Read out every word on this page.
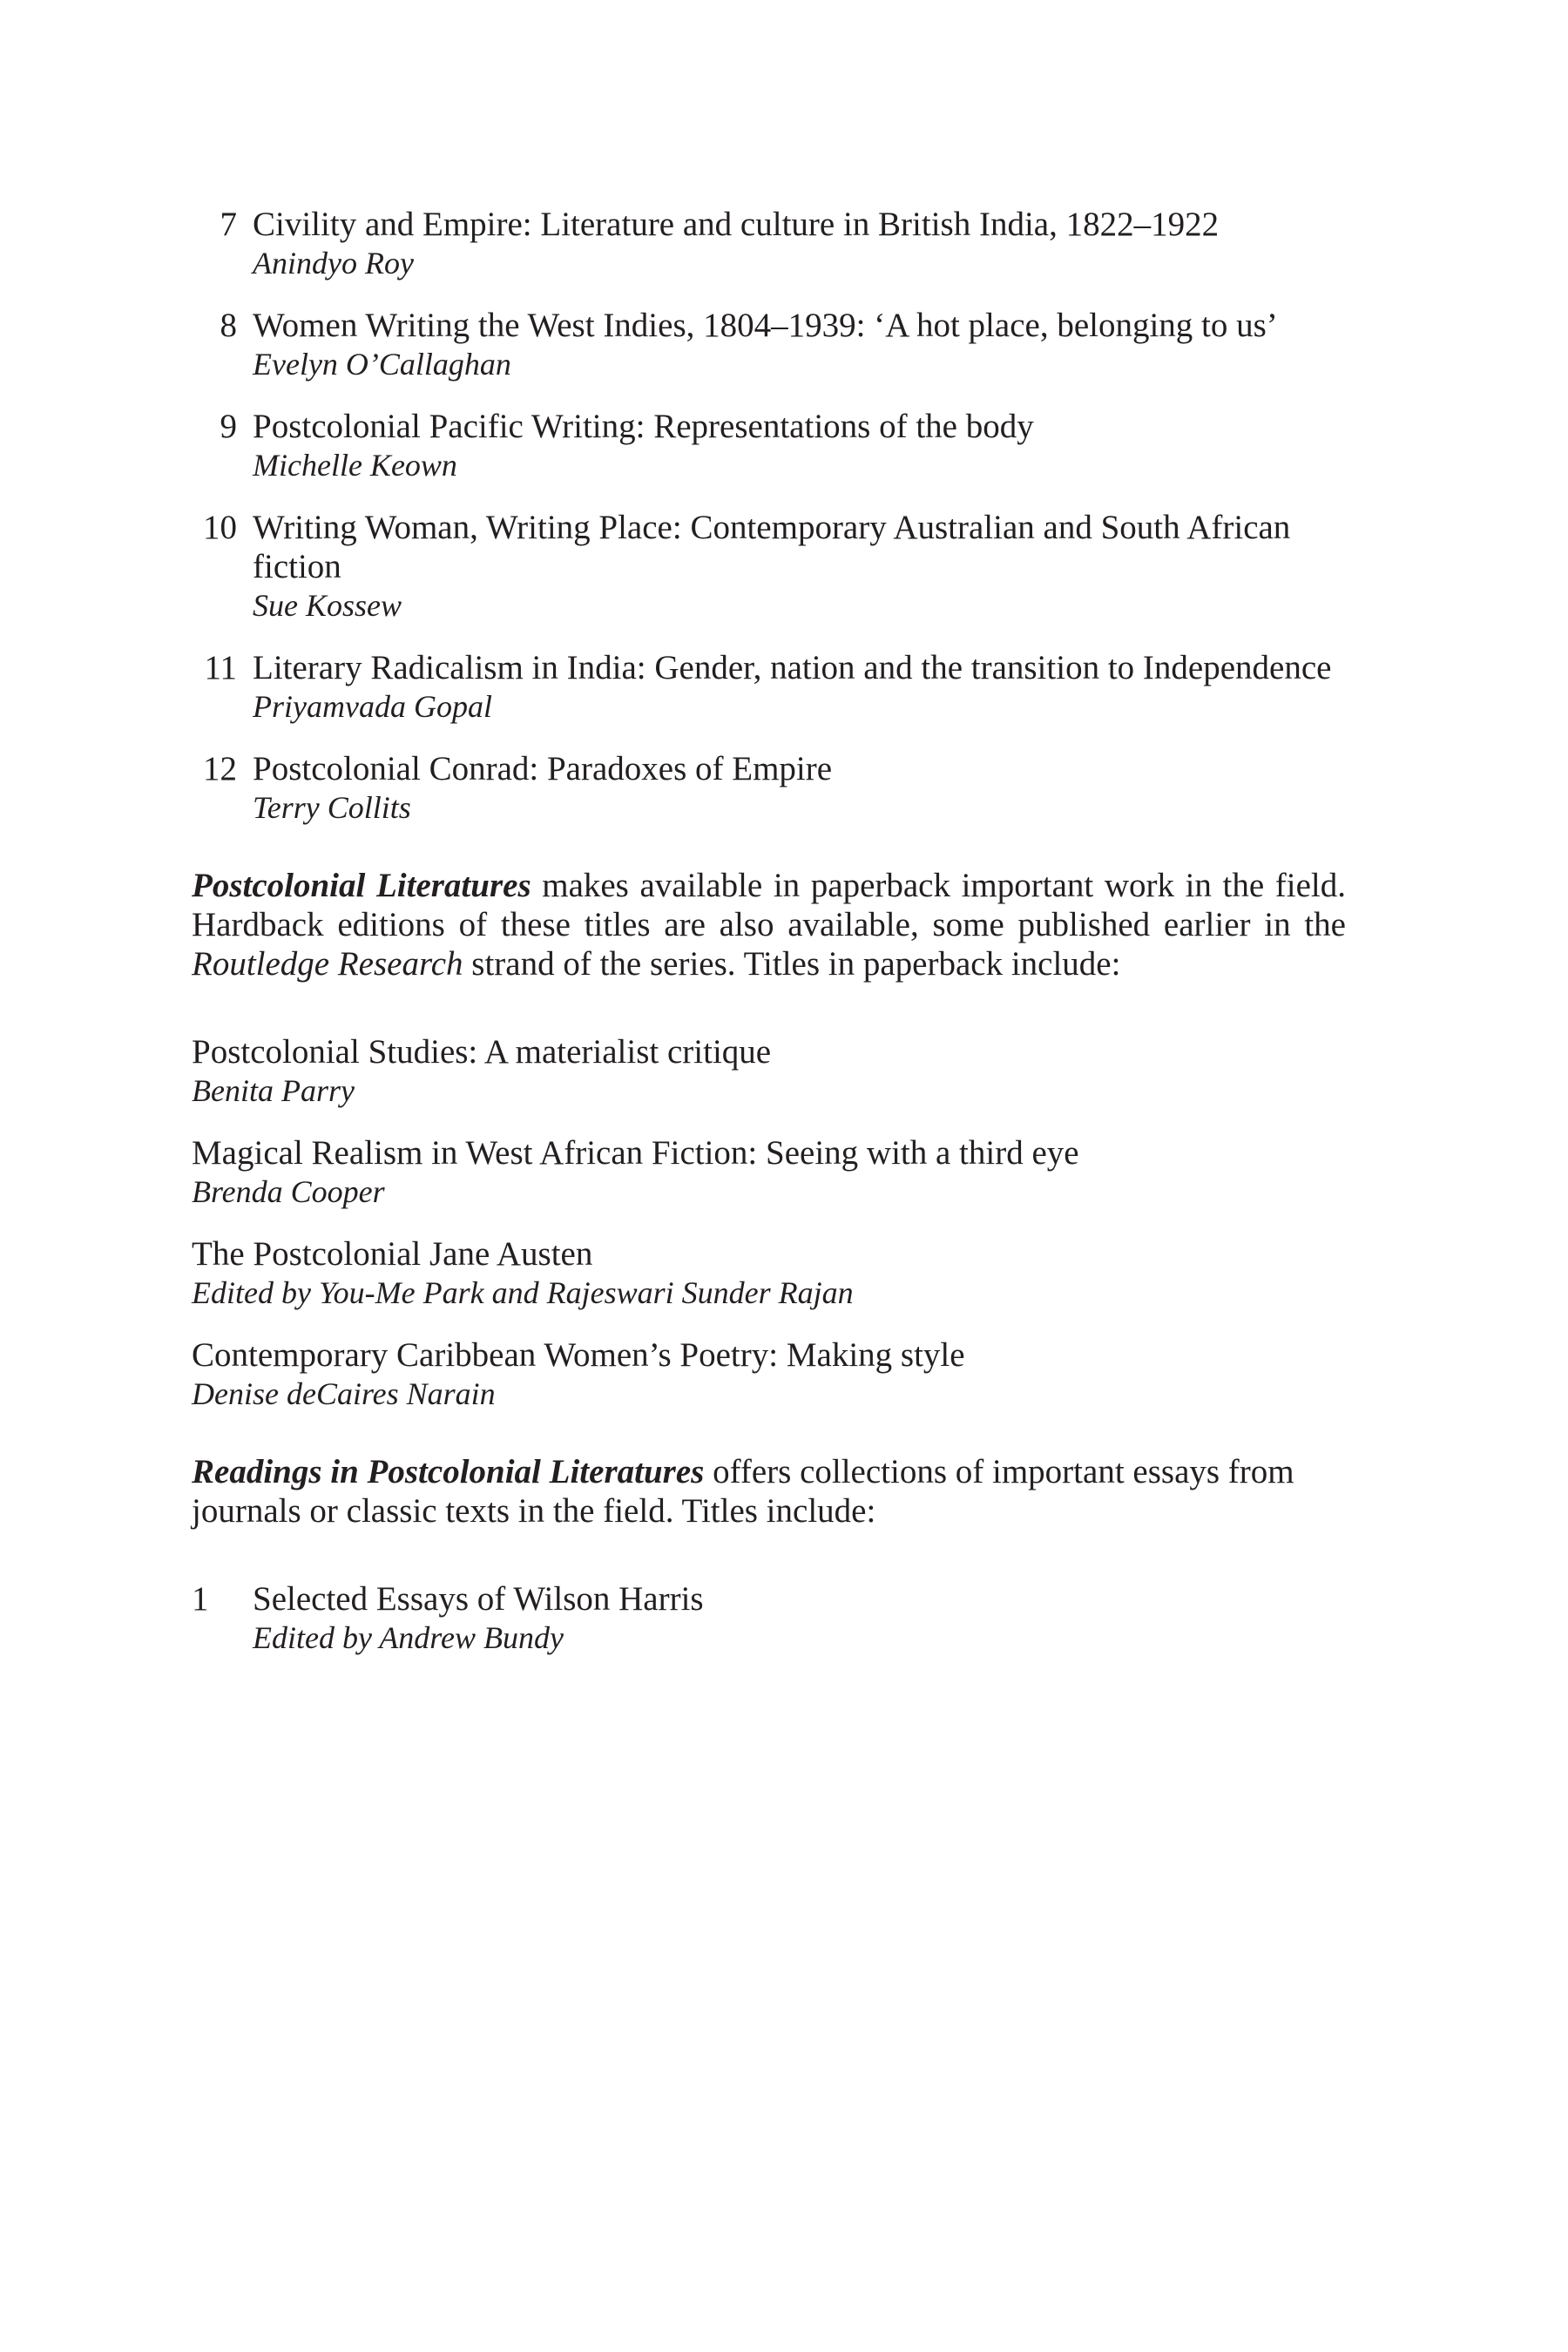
7 Civility and Empire: Literature and culture in British India, 1822–1922
Anindyo Roy
8 Women Writing the West Indies, 1804–1939: ‘A hot place, belonging to us’
Evelyn O’Callaghan
9 Postcolonial Pacific Writing: Representations of the body
Michelle Keown
10 Writing Woman, Writing Place: Contemporary Australian and South African fiction
Sue Kossew
11 Literary Radicalism in India: Gender, nation and the transition to Independence
Priyamvada Gopal
12 Postcolonial Conrad: Paradoxes of Empire
Terry Collits

Postcolonial Literatures makes available in paperback important work in the field. Hardback editions of these titles are also available, some published earlier in the Routledge Research strand of the series. Titles in paperback include:

Postcolonial Studies: A materialist critique
Benita Parry
Magical Realism in West African Fiction: Seeing with a third eye
Brenda Cooper
The Postcolonial Jane Austen
Edited by You-Me Park and Rajeswari Sunder Rajan
Contemporary Caribbean Women’s Poetry: Making style
Denise deCaires Narain

Readings in Postcolonial Literatures offers collections of important essays from journals or classic texts in the field. Titles include:

1	Selected Essays of Wilson Harris
Edited by Andrew Bundy
